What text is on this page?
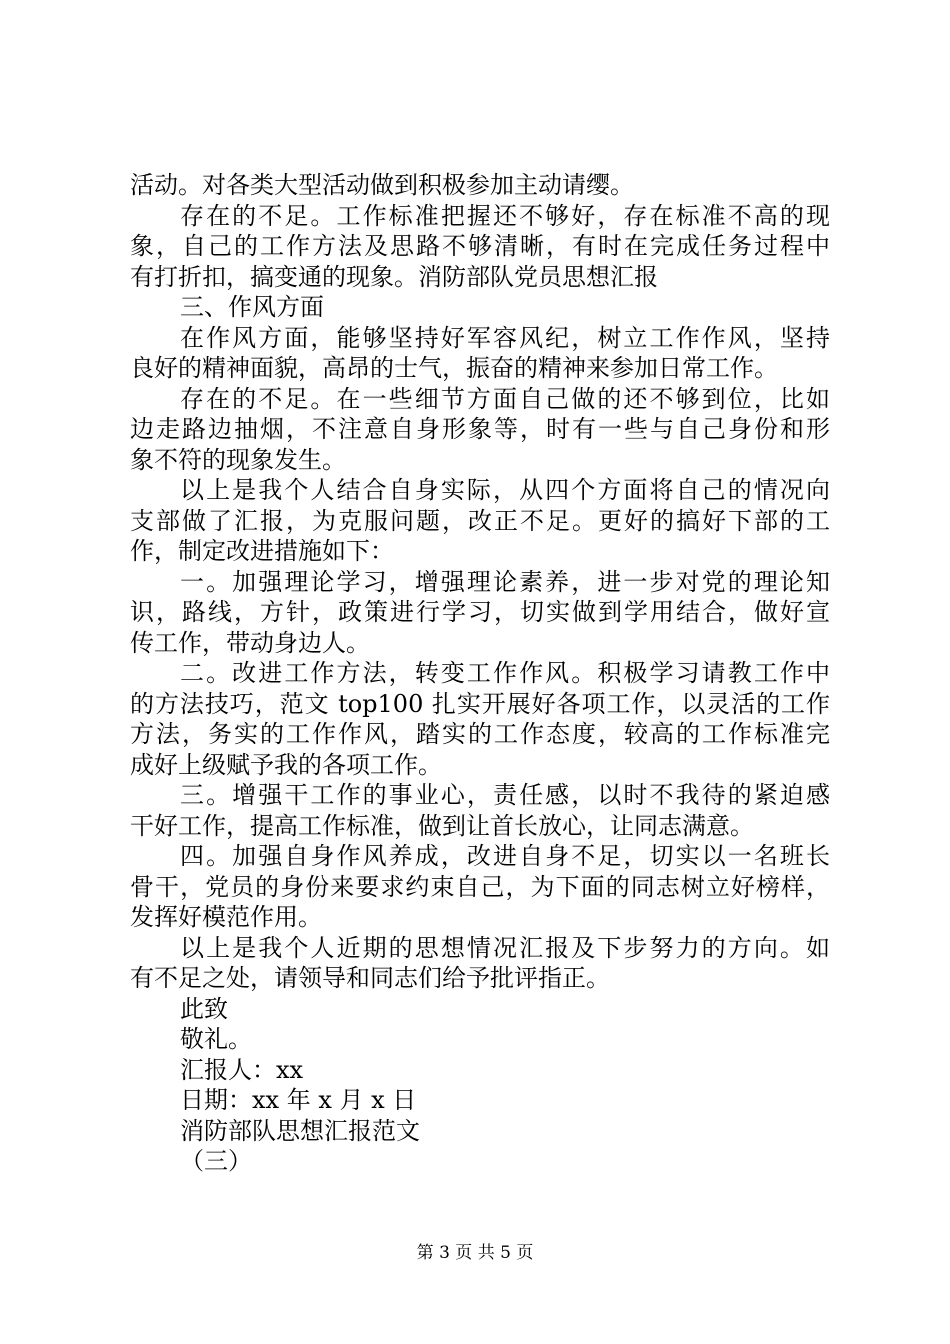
活动。对各类大型活动做到积极参加主动请缨。
存在的不足。工作标准把握还不够好，存在标准不高的现
象，自己的工作方法及思路不够清晰，有时在完成任务过程中
有打折扣，搞变通的现象。消防部队党员思想汇报
三、作风方面
在作风方面，能够坚持好军容风纪，树立工作作风，坚持
良好的精神面貌，高昂的士气，振奋的精神来参加日常工作。
存在的不足。在一些细节方面自己做的还不够到位，比如
边走路边抽烟，不注意自身形象等，时有一些与自己身份和形
象不符的现象发生。
以上是我个人结合自身实际，从四个方面将自己的情况向
支部做了汇报，为克服问题，改正不足。更好的搞好下部的工
作，制定改进措施如下：
一。加强理论学习，增强理论素养，进一步对党的理论知
识，路线，方针，政策进行学习，切实做到学用结合，做好宣
传工作，带动身边人。
二。改进工作方法，转变工作作风。积极学习请教工作中
的方法技巧，范文 top100 扎实开展好各项工作，以灵活的工作
方法，务实的工作作风，踏实的工作态度，较高的工作标准完
成好上级赋予我的各项工作。
三。增强干工作的事业心，责任感，以时不我待的紧迫感
干好工作，提高工作标准，做到让首长放心，让同志满意。
四。加强自身作风养成，改进自身不足，切实以一名班长
骨干，党员的身份来要求约束自己，为下面的同志树立好榜样，
发挥好模范作用。
以上是我个人近期的思想情况汇报及下步努力的方向。如
有不足之处，请领导和同志们给予批评指正。
此致
敬礼。
汇报人：xx
日期：xx 年 x 月 x 日
消防部队思想汇报范文
（三）
第 3 页 共 5 页
